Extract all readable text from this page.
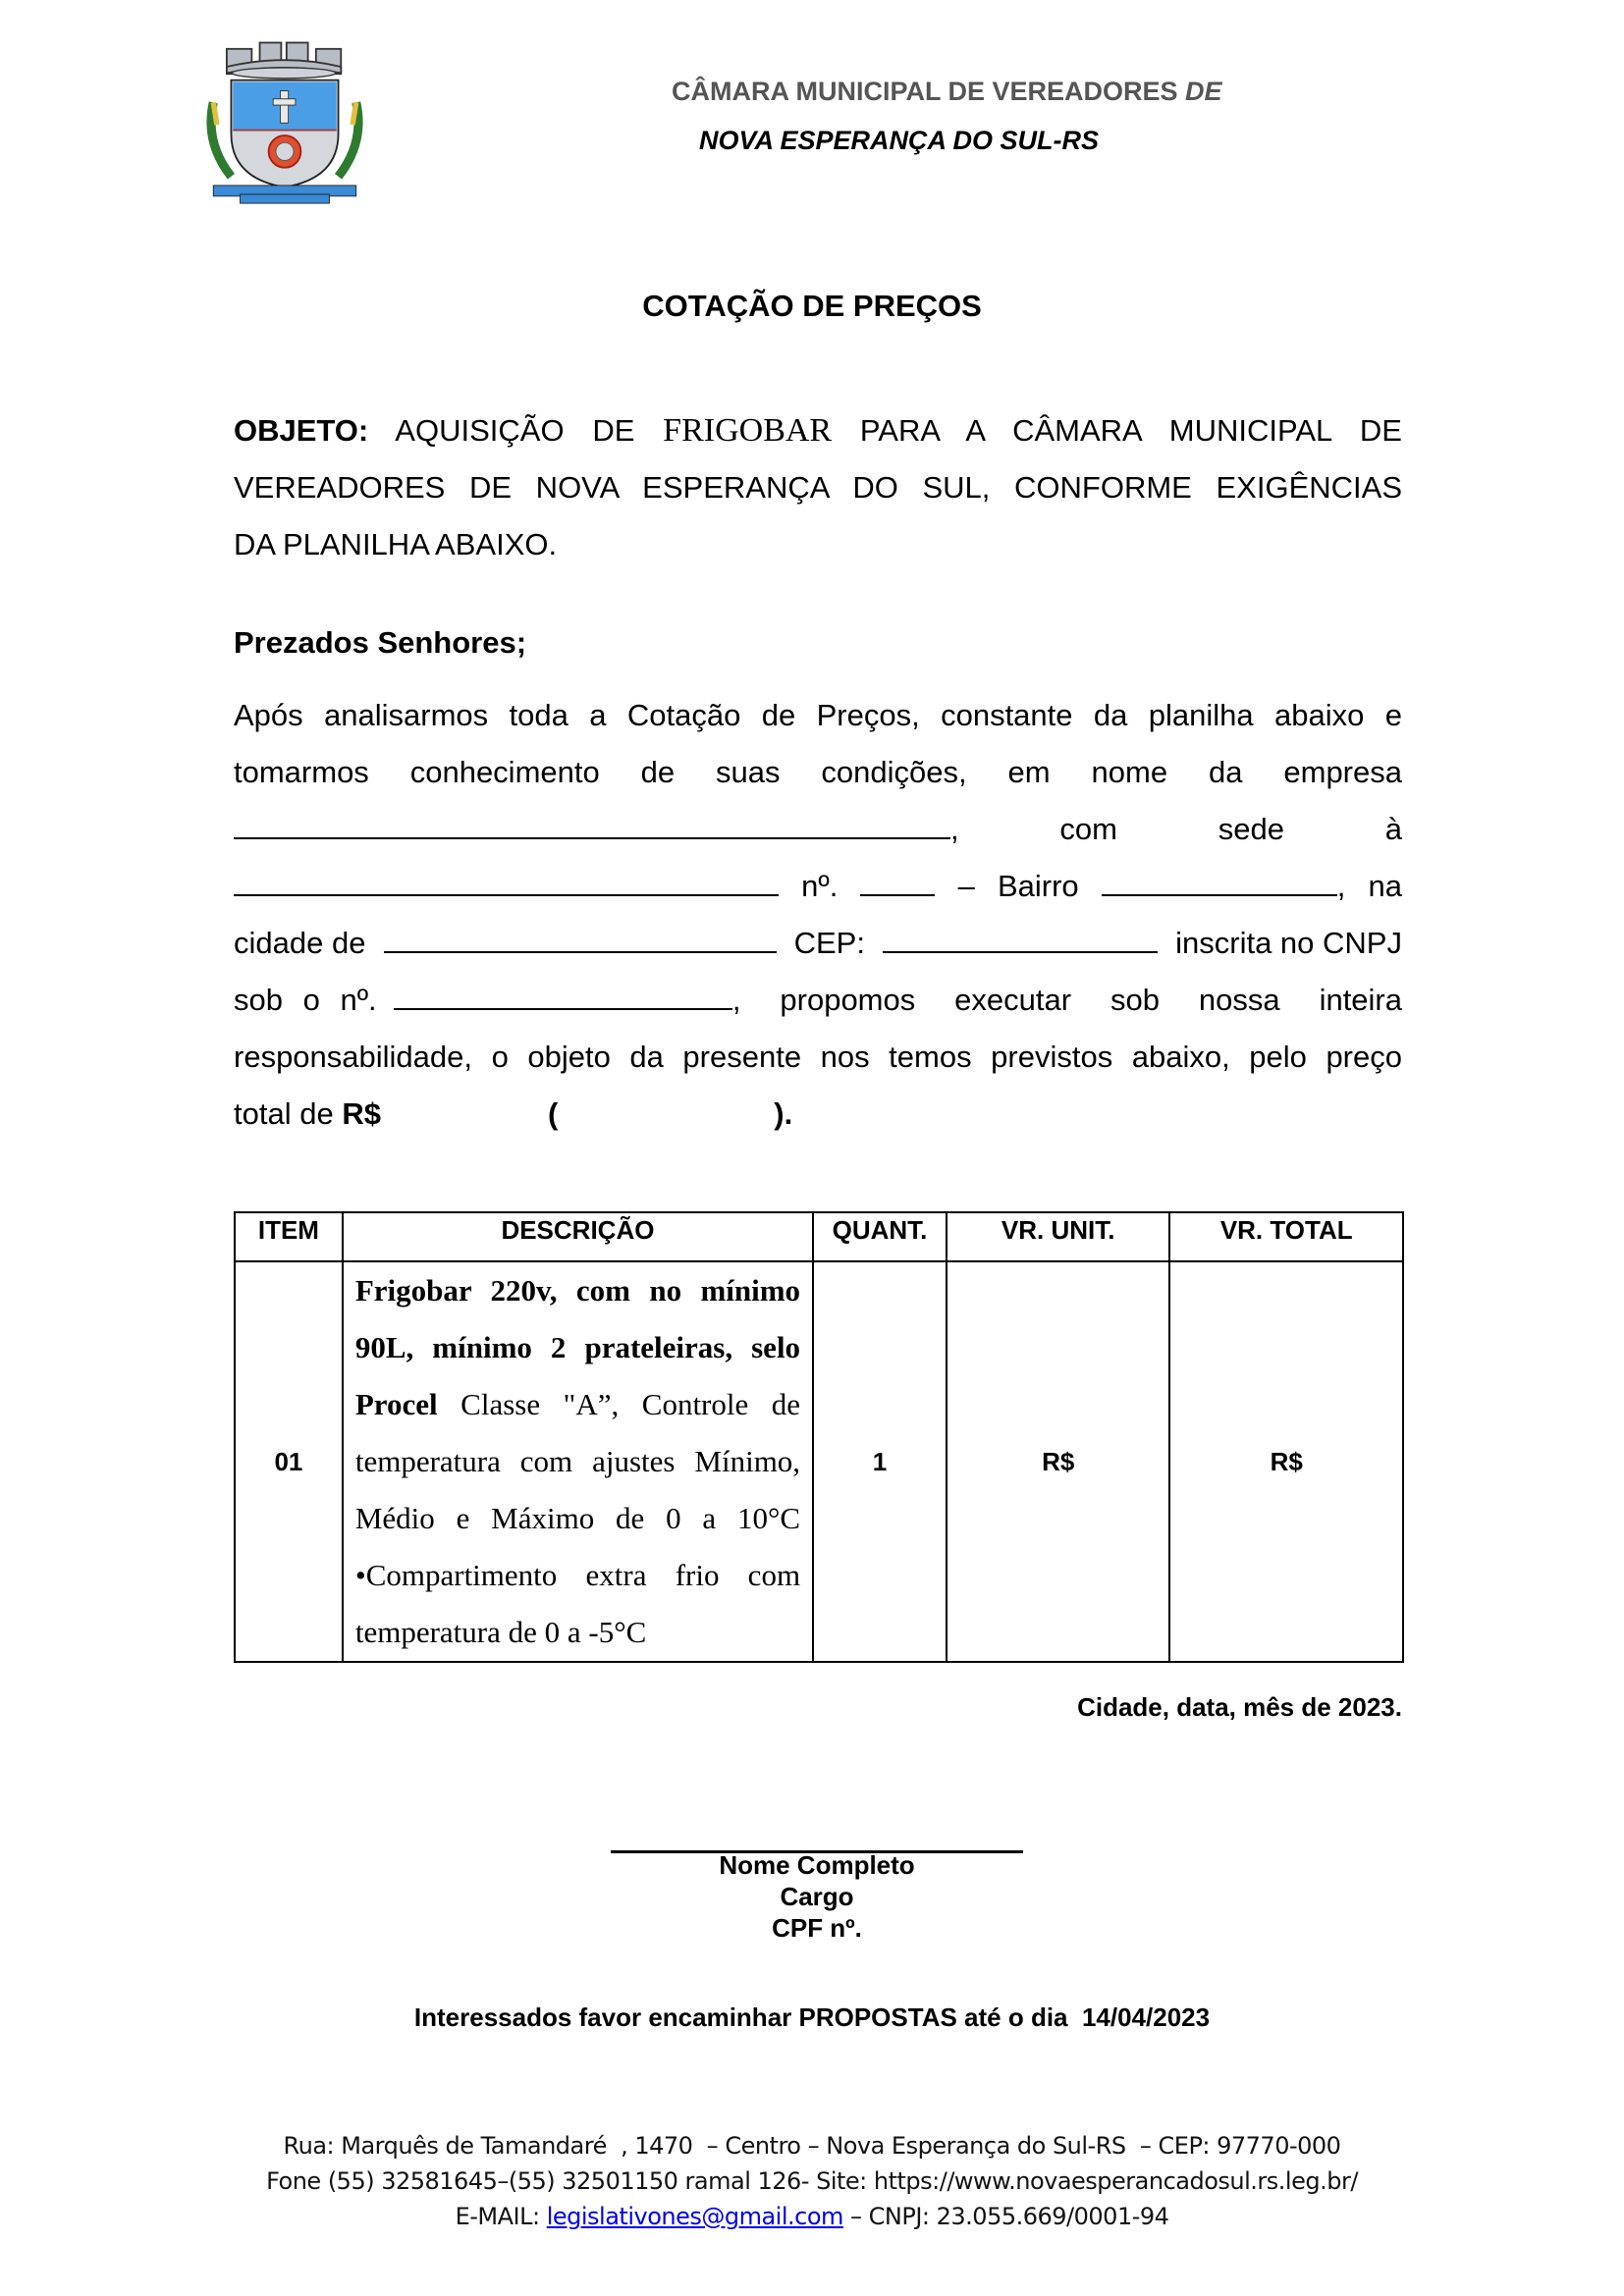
CÂMARA MUNICIPAL DE VEREADORES DE
NOVA ESPERANÇA DO SUL-RS
COTAÇÃO DE PREÇOS
OBJETO: AQUISIÇÃO DE FRIGOBAR PARA A CÂMARA MUNICIPAL DE
VEREADORES DE NOVA ESPERANÇA DO SUL, CONFORME EXIGÊNCIAS
DA PLANILHA ABAIXO.
Prezados Senhores;
Após analisarmos toda a Cotação de Preços, constante da planilha abaixo e
tomarmos conhecimento de suas condições, em nome da empresa
,	com	sede	à
nº.	– Bairro	, na
cidade de	CEP:	inscrita no CNPJ
sob o nº.
	, propomos executar sob nossa inteira
responsabilidade, o objeto da presente nos temos previstos abaixo, pelo preço
total de R$	(	).
ITEM	DESCRIÇÃO	QUANT.	VR. UNIT.	VR. TOTAL
01	Frigobar 220v, com no mínimo 90L, mínimo 2 prateleiras, selo Procel Classe "A”, Controle de temperatura com ajustes Mínimo, Médio e Máximo de 0 a 10°C •Compartimento extra frio com temperatura de 0 a -5°C	1	R$	R$
Cidade, data, mês de 2023.
Nome Completo
Cargo
CPF nº.
Interessados favor encaminhar PROPOSTAS até o dia  14/04/2023
Rua: Marquês de Tamandaré  , 1470  – Centro – Nova Esperança do Sul-RS  – CEP: 97770-000
Fone (55) 32581645–(55) 32501150 ramal 126- Site: https://www.novaesperancadosul.rs.leg.br/
E-MAIL: legislativones@gmail.com – CNPJ: 23.055.669/0001-94
